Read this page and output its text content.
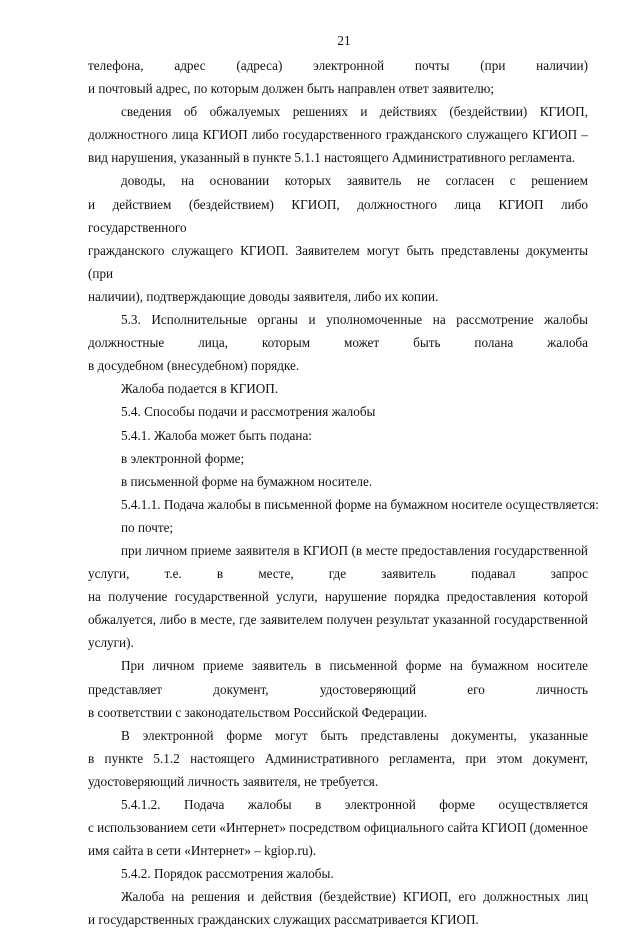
21
телефона, адрес (адреса) электронной почты (при наличии)
и почтовый адрес, по которым должен быть направлен ответ заявителю;
сведения об обжалуемых решениях и действиях (бездействии) КГИОП,
должностного лица КГИОП либо государственного гражданского служащего КГИОП –
вид нарушения, указанный в пункте 5.1.1 настоящего Административного регламента.
доводы, на основании которых заявитель не согласен с решением
и действием (бездействием) КГИОП, должностного лица КГИОП либо государственного
гражданского служащего КГИОП. Заявителем могут быть представлены документы (при
наличии), подтверждающие доводы заявителя, либо их копии.
5.3. Исполнительные органы и уполномоченные на рассмотрение жалобы
должностные лица, которым может быть полана жалоба
в досудебном (внесудебном) порядке.
Жалоба подается в КГИОП.
5.4. Способы подачи и рассмотрения жалобы
5.4.1. Жалоба может быть подана:
в электронной форме;
в письменной форме на бумажном носителе.
5.4.1.1. Подача жалобы в письменной форме на бумажном носителе осуществляется:
по почте;
при личном приеме заявителя в КГИОП (в месте предоставления государственной
услуги, т.е. в месте, где заявитель подавал запрос
на получение государственной услуги, нарушение порядка предоставления которой
обжалуется, либо в месте, где заявителем получен результат указанной государственной
услуги).
При личном приеме заявитель в письменной форме на бумажном носителе
представляет документ, удостоверяющий его личность
в соответствии с законодательством Российской Федерации.
В электронной форме могут быть представлены документы, указанные
в пункте 5.1.2 настоящего Административного регламента, при этом документ,
удостоверяющий личность заявителя, не требуется.
5.4.1.2. Подача жалобы в электронной форме осуществляется
с использованием сети «Интернет» посредством официального сайта КГИОП (доменное
имя сайта в сети «Интернет» – kgiop.ru).
5.4.2. Порядок рассмотрения жалобы.
Жалоба на решения и действия (бездействие) КГИОП, его должностных лиц
и государственных гражданских служащих рассматривается КГИОП.
